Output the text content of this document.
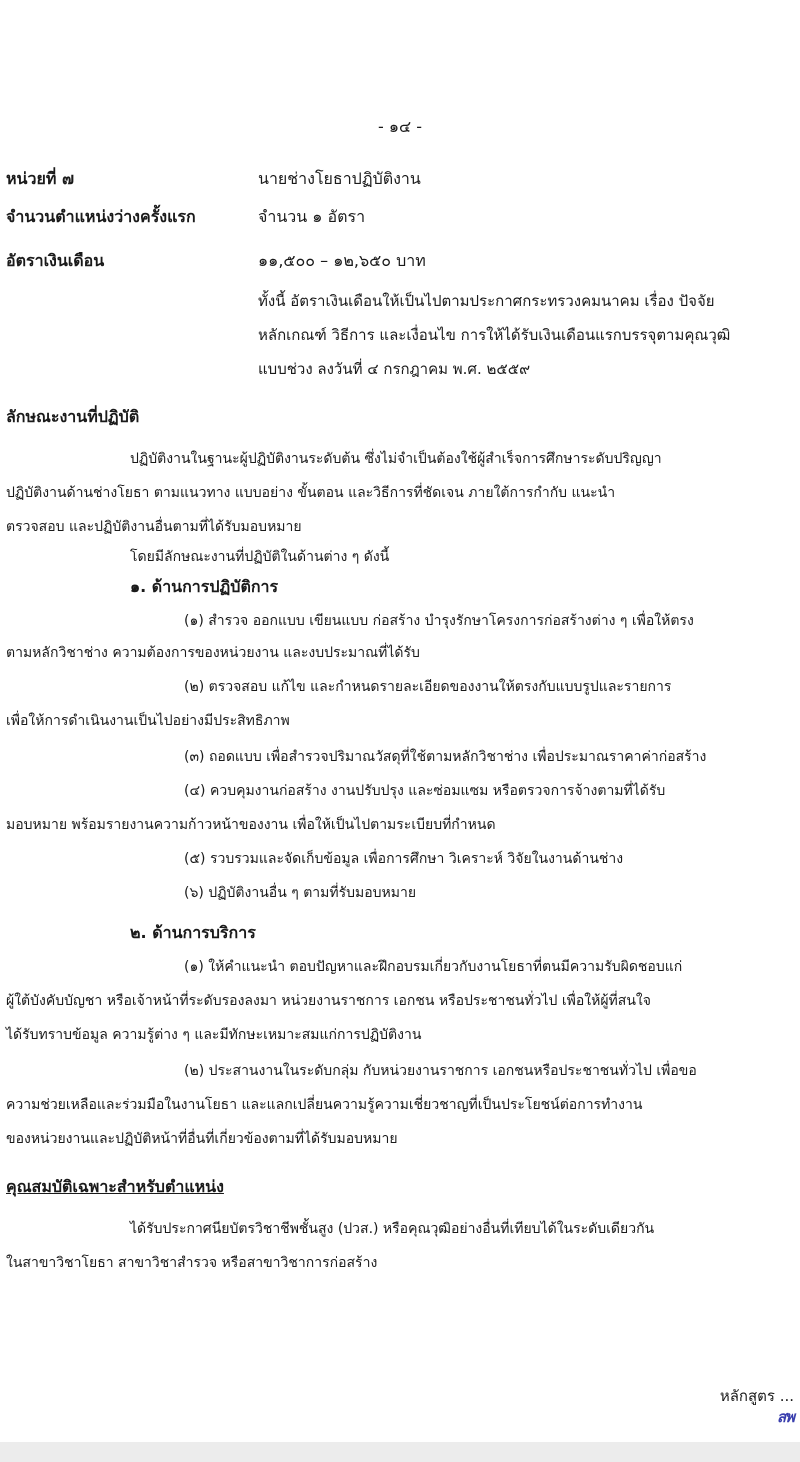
- ๑๔ -
หน่วยที่ ๗	นายช่างโยธาปฏิบัติงาน
จำนวนตำแหน่งว่างครั้งแรก	จำนวน ๑ อัตรา
อัตราเงินเดือน	๑๑,๕๐๐ – ๑๒,๖๕๐ บาท
ทั้งนี้ อัตราเงินเดือนให้เป็นไปตามประกาศกระทรวงคมนาคม เรื่อง ปัจจัย
หลักเกณฑ์ วิธีการ และเงื่อนไข การให้ได้รับเงินเดือนแรกบรรจุตามคุณวุฒิ
แบบช่วง ลงวันที่ ๔ กรกฎาคม พ.ศ. ๒๕๕๙
ลักษณะงานที่ปฏิบัติ
ปฏิบัติงานในฐานะผู้ปฏิบัติงานระดับต้น ซึ่งไม่จำเป็นต้องใช้ผู้สำเร็จการศึกษาระดับปริญญา
ปฏิบัติงานด้านช่างโยธา ตามแนวทาง แบบอย่าง ขั้นตอน และวิธีการที่ชัดเจน ภายใต้การกำกับ แนะนำ
ตรวจสอบ และปฏิบัติงานอื่นตามที่ได้รับมอบหมาย
โดยมีลักษณะงานที่ปฏิบัติในด้านต่าง ๆ ดังนี้
๑. ด้านการปฏิบัติการ
(๑) สำรวจ ออกแบบ เขียนแบบ ก่อสร้าง บำรุงรักษาโครงการก่อสร้างต่าง ๆ เพื่อให้ตรง
ตามหลักวิชาช่าง ความต้องการของหน่วยงาน และงบประมาณที่ได้รับ
(๒) ตรวจสอบ แก้ไข และกำหนดรายละเอียดของงานให้ตรงกับแบบรูปและรายการ
เพื่อให้การดำเนินงานเป็นไปอย่างมีประสิทธิภาพ
(๓) ถอดแบบ เพื่อสำรวจปริมาณวัสดุที่ใช้ตามหลักวิชาช่าง เพื่อประมาณราคาค่าก่อสร้าง
(๔) ควบคุมงานก่อสร้าง งานปรับปรุง และซ่อมแซม หรือตรวจการจ้างตามที่ได้รับ
มอบหมาย พร้อมรายงานความก้าวหน้าของงาน เพื่อให้เป็นไปตามระเบียบที่กำหนด
(๕) รวบรวมและจัดเก็บข้อมูล เพื่อการศึกษา วิเคราะห์ วิจัยในงานด้านช่าง
(๖) ปฏิบัติงานอื่น ๆ ตามที่รับมอบหมาย
๒. ด้านการบริการ
(๑) ให้คำแนะนำ ตอบปัญหาและฝึกอบรมเกี่ยวกับงานโยธาที่ตนมีความรับผิดชอบแก่
ผู้ใต้บังคับบัญชา หรือเจ้าหน้าที่ระดับรองลงมา หน่วยงานราชการ เอกชน หรือประชาชนทั่วไป เพื่อให้ผู้ที่สนใจ
ได้รับทราบข้อมูล ความรู้ต่าง ๆ และมีทักษะเหมาะสมแก่การปฏิบัติงาน
(๒) ประสานงานในระดับกลุ่ม กับหน่วยงานราชการ เอกชนหรือประชาชนทั่วไป เพื่อขอ
ความช่วยเหลือและร่วมมือในงานโยธา และแลกเปลี่ยนความรู้ความเชี่ยวชาญที่เป็นประโยชน์ต่อการทำงาน
ของหน่วยงานและปฏิบัติหน้าที่อื่นที่เกี่ยวข้องตามที่ได้รับมอบหมาย
คุณสมบัติเฉพาะสำหรับตำแหน่ง
ได้รับประกาศนียบัตรวิชาชีพชั้นสูง (ปวส.) หรือคุณวุฒิอย่างอื่นที่เทียบได้ในระดับเดียวกัน
ในสาขาวิชาโยธา สาขาวิชาสำรวจ หรือสาขาวิชาการก่อสร้าง
หลักสูตร ...
สพ
